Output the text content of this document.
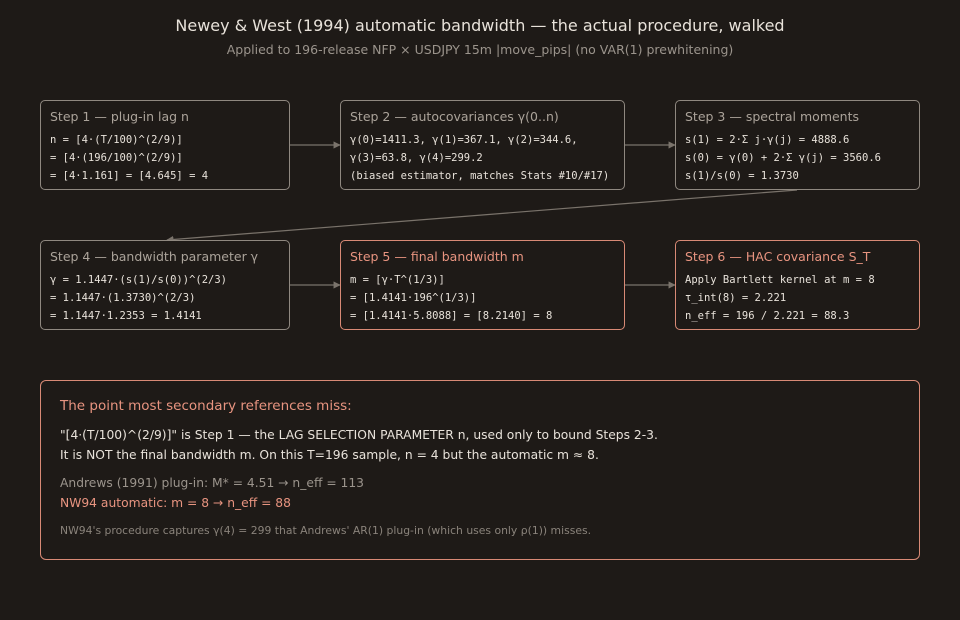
Newey & West (1994) automatic bandwidth — the actual procedure, walked
Applied to 196-release NFP × USDJPY 15m |move_pips| (no VAR(1) prewhitening)
Step 1 — plug-in lag n
n = [4·(T/100)^(2/9)]
= [4·(196/100)^(2/9)]
= [4·1.161] = [4.645] = 4
Step 2 — autocovariances γ(0..n)
γ(0)=1411.3, γ(1)=367.1, γ(2)=344.6,
γ(3)=63.8, γ(4)=299.2
(biased estimator, matches Stats #10/#17)
Step 3 — spectral moments
s(1) = 2·Σ j·γ(j) = 4888.6
s(0) = γ(0) + 2·Σ γ(j) = 3560.6
s(1)/s(0) = 1.3730
Step 4 — bandwidth parameter γ
γ = 1.1447·(s(1)/s(0))^(2/3)
= 1.1447·(1.3730)^(2/3)
= 1.1447·1.2353 = 1.4141
Step 5 — final bandwidth m
m = [γ·T^(1/3)]
= [1.4141·196^(1/3)]
= [1.4141·5.8088] = [8.2140] = 8
Step 6 — HAC covariance S_T
Apply Bartlett kernel at m = 8
τ_int(8) = 2.221
n_eff = 196 / 2.221 = 88.3
The point most secondary references miss:
"[4·(T/100)^(2/9)]" is Step 1 — the LAG SELECTION PARAMETER n, used only to bound Steps 2-3.
It is NOT the final bandwidth m. On this T=196 sample, n = 4 but the automatic m ≈ 8.
Andrews (1991) plug-in: M* = 4.51 → n_eff = 113
NW94 automatic: m = 8 → n_eff = 88
NW94's procedure captures γ(4) = 299 that Andrews' AR(1) plug-in (which uses only ρ(1)) misses.
